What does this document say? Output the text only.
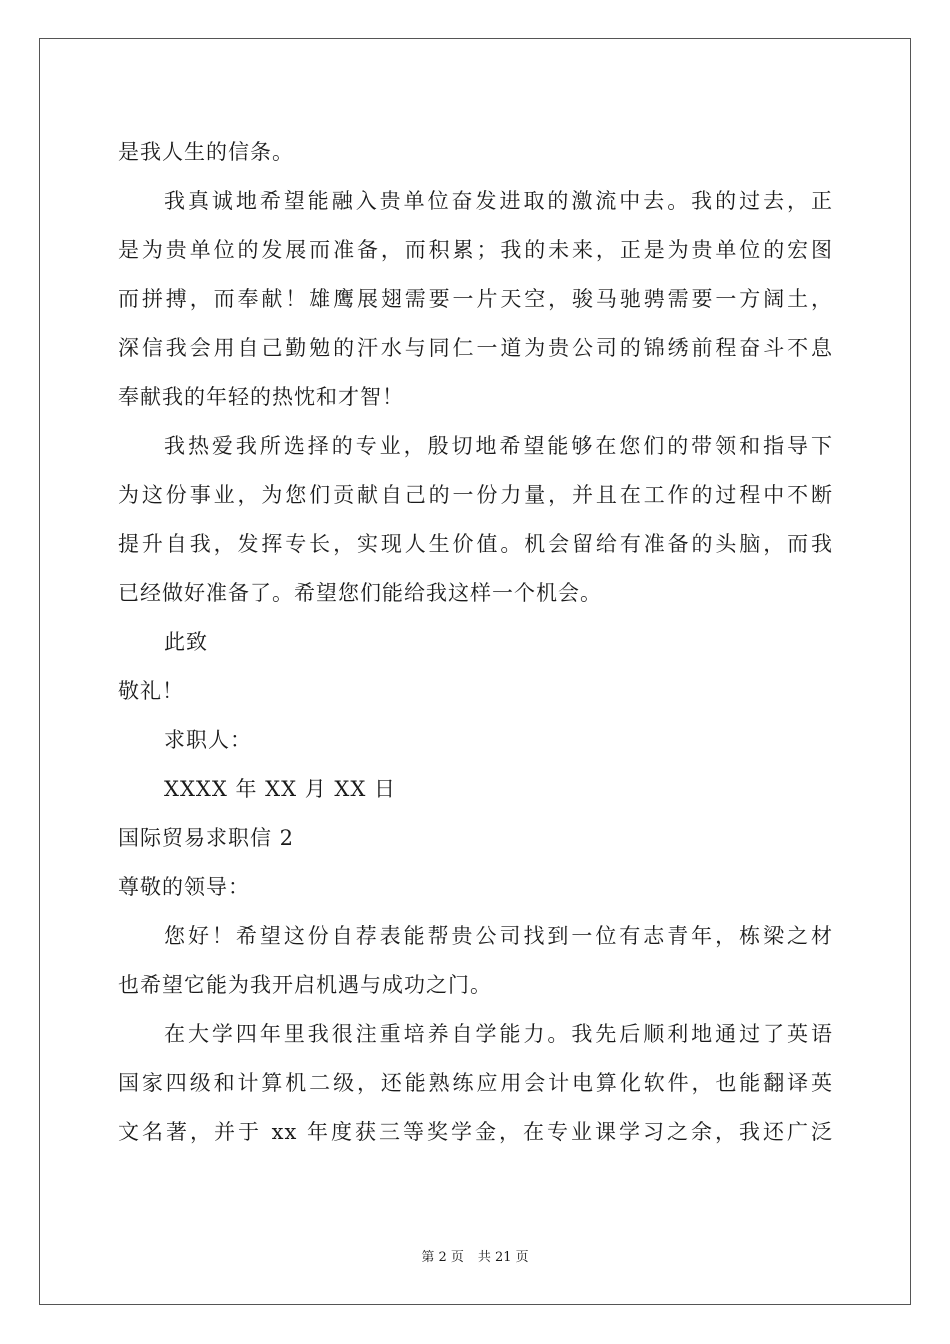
是我人生的信条。
我真诚地希望能融入贵单位奋发进取的激流中去。我的过去，正
是为贵单位的发展而准备，而积累；我的未来，正是为贵单位的宏图
而拼搏，而奉献！雄鹰展翅需要一片天空，骏马驰骋需要一方阔土，
深信我会用自己勤勉的汗水与同仁一道为贵公司的锦绣前程奋斗不息
奉献我的年轻的热忱和才智！
我热爱我所选择的专业，殷切地希望能够在您们的带领和指导下
为这份事业，为您们贡献自己的一份力量，并且在工作的过程中不断
提升自我，发挥专长，实现人生价值。机会留给有准备的头脑，而我
已经做好准备了。希望您们能给我这样一个机会。
此致
敬礼！
求职人：
XXXX 年 XX 月 XX 日
国际贸易求职信 2
尊敬的领导：
您好！希望这份自荐表能帮贵公司找到一位有志青年，栋梁之材
也希望它能为我开启机遇与成功之门。
在大学四年里我很注重培养自学能力。我先后顺利地通过了英语
国家四级和计算机二级，还能熟练应用会计电算化软件，也能翻译英
文名著，并于 xx 年度获三等奖学金，在专业课学习之余，我还广泛
第 2 页 共 21 页
